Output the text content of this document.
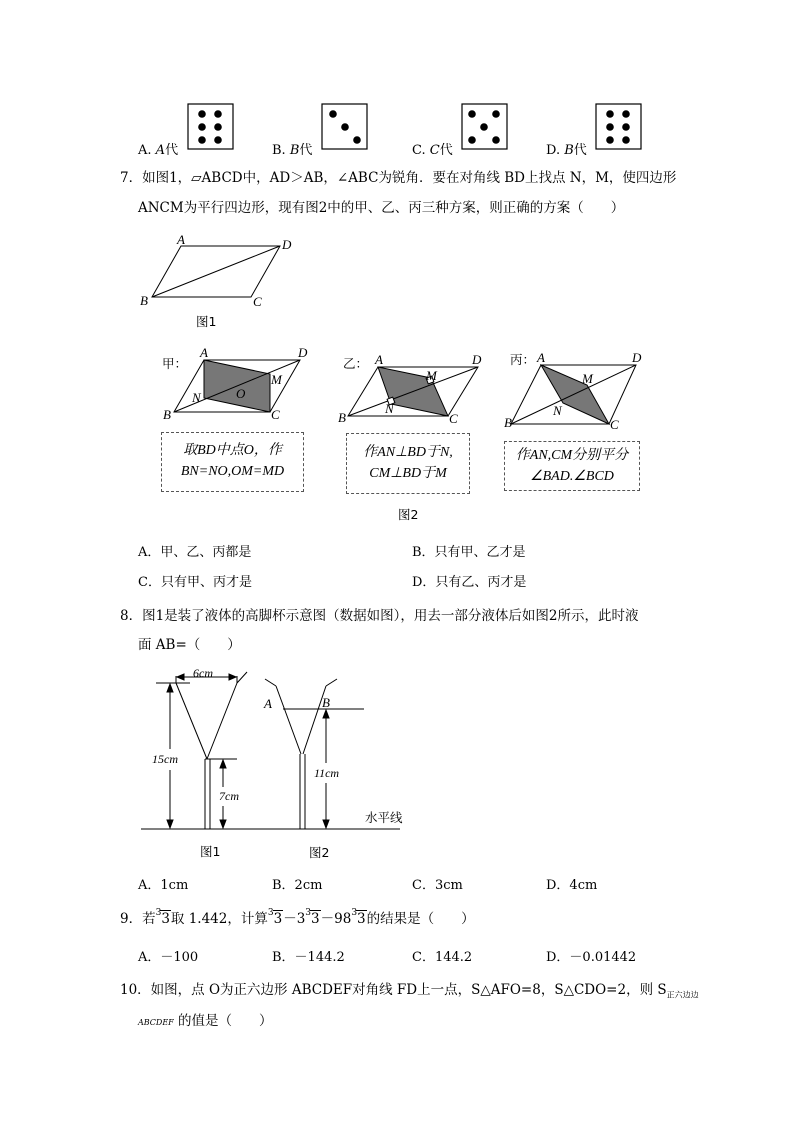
A. A代	B. B代	C. C代	D. B代
A	D
B	C
图1
甲：
A	D
M
N	O
B	C
乙： A	D
M
N
B	C
丙： A	D
M
N
B	C
取BD中点O，作
BN=NO,OM=MD
作AN⊥BD于N,
CM⊥BD于M
作AN,CM分别平分
∠BAD.∠BCD
图2
7．如图1，▱ABCD中，AD＞AB，∠ABC为锐角．要在对角线 BD上找点 N，M，使四边形
ANCM为平行四边形，现有图2中的甲、乙、丙三种方案，则正确的方案（　　）
A．甲、乙、丙都是	B．只有甲、乙才是
C．只有甲、丙才是	D．只有乙、丙才是
8．图1是装了液体的高脚杯示意图（数据如图），用去一部分液体后如图2所示，此时液
面 AB=（　　）
6cm
15cm
7cm
11cm
A	B
水平线
图1	图2
A．1cm	B．2cm	C．3cm	D．4cm
9．若$^3$3取 1.442，计算$^33-3^33-98^33$的结果是（　　）
A．－100	B．－144.2	C．144.2	D．－0.01442
10．如图，点 O为正六边形 ABCDEF对角线 FD上一点，S△AFO=8，S△CDO=2，则 $S_{正六边边}$
ABCDEF 的值是（　　）
